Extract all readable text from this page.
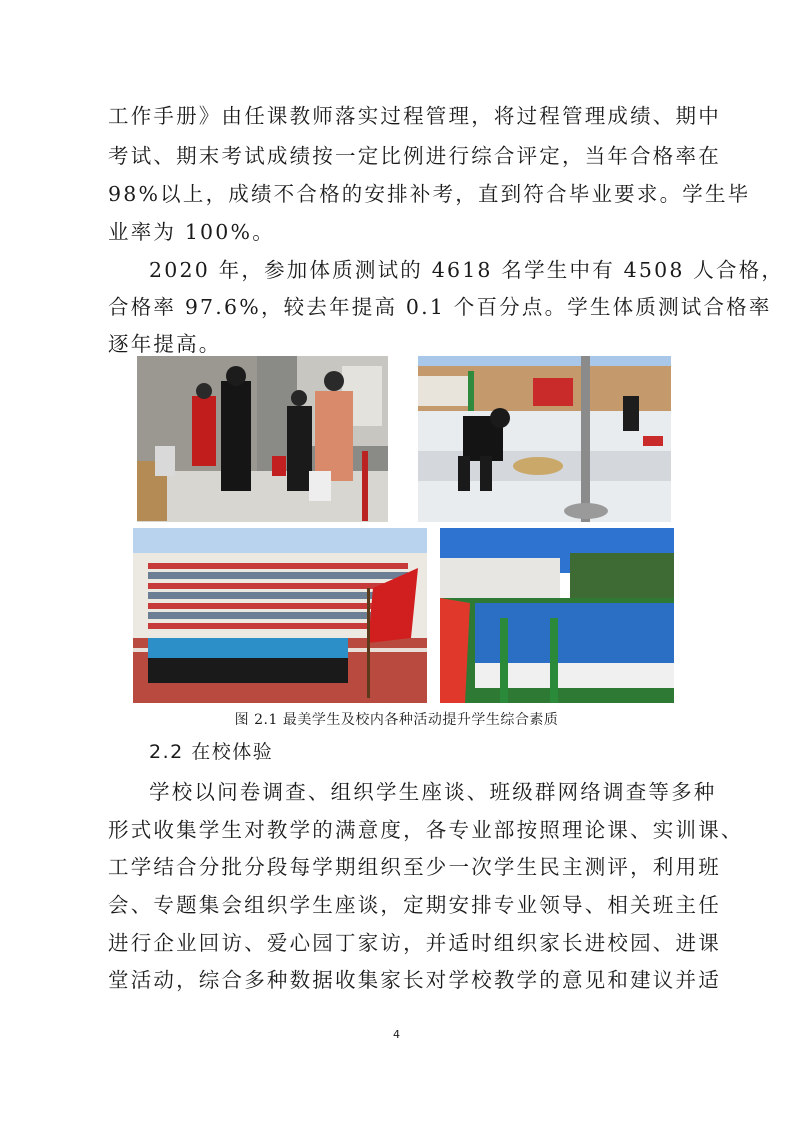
工作手册》由任课教师落实过程管理，将过程管理成绩、期中
考试、期末考试成绩按一定比例进行综合评定，当年合格率在
98%以上，成绩不合格的安排补考，直到符合毕业要求。学生毕
业率为 100%。
2020 年，参加体质测试的 4618 名学生中有 4508 人合格，
合格率 97.6%，较去年提高 0.1 个百分点。学生体质测试合格率
逐年提高。
图 2.1 最美学生及校内各种活动提升学生综合素质
2.2 在校体验
学校以问卷调查、组织学生座谈、班级群网络调查等多种
形式收集学生对教学的满意度，各专业部按照理论课、实训课、
工学结合分批分段每学期组织至少一次学生民主测评，利用班
会、专题集会组织学生座谈，定期安排专业领导、相关班主任
进行企业回访、爱心园丁家访，并适时组织家长进校园、进课
堂活动，综合多种数据收集家长对学校教学的意见和建议并适
4
